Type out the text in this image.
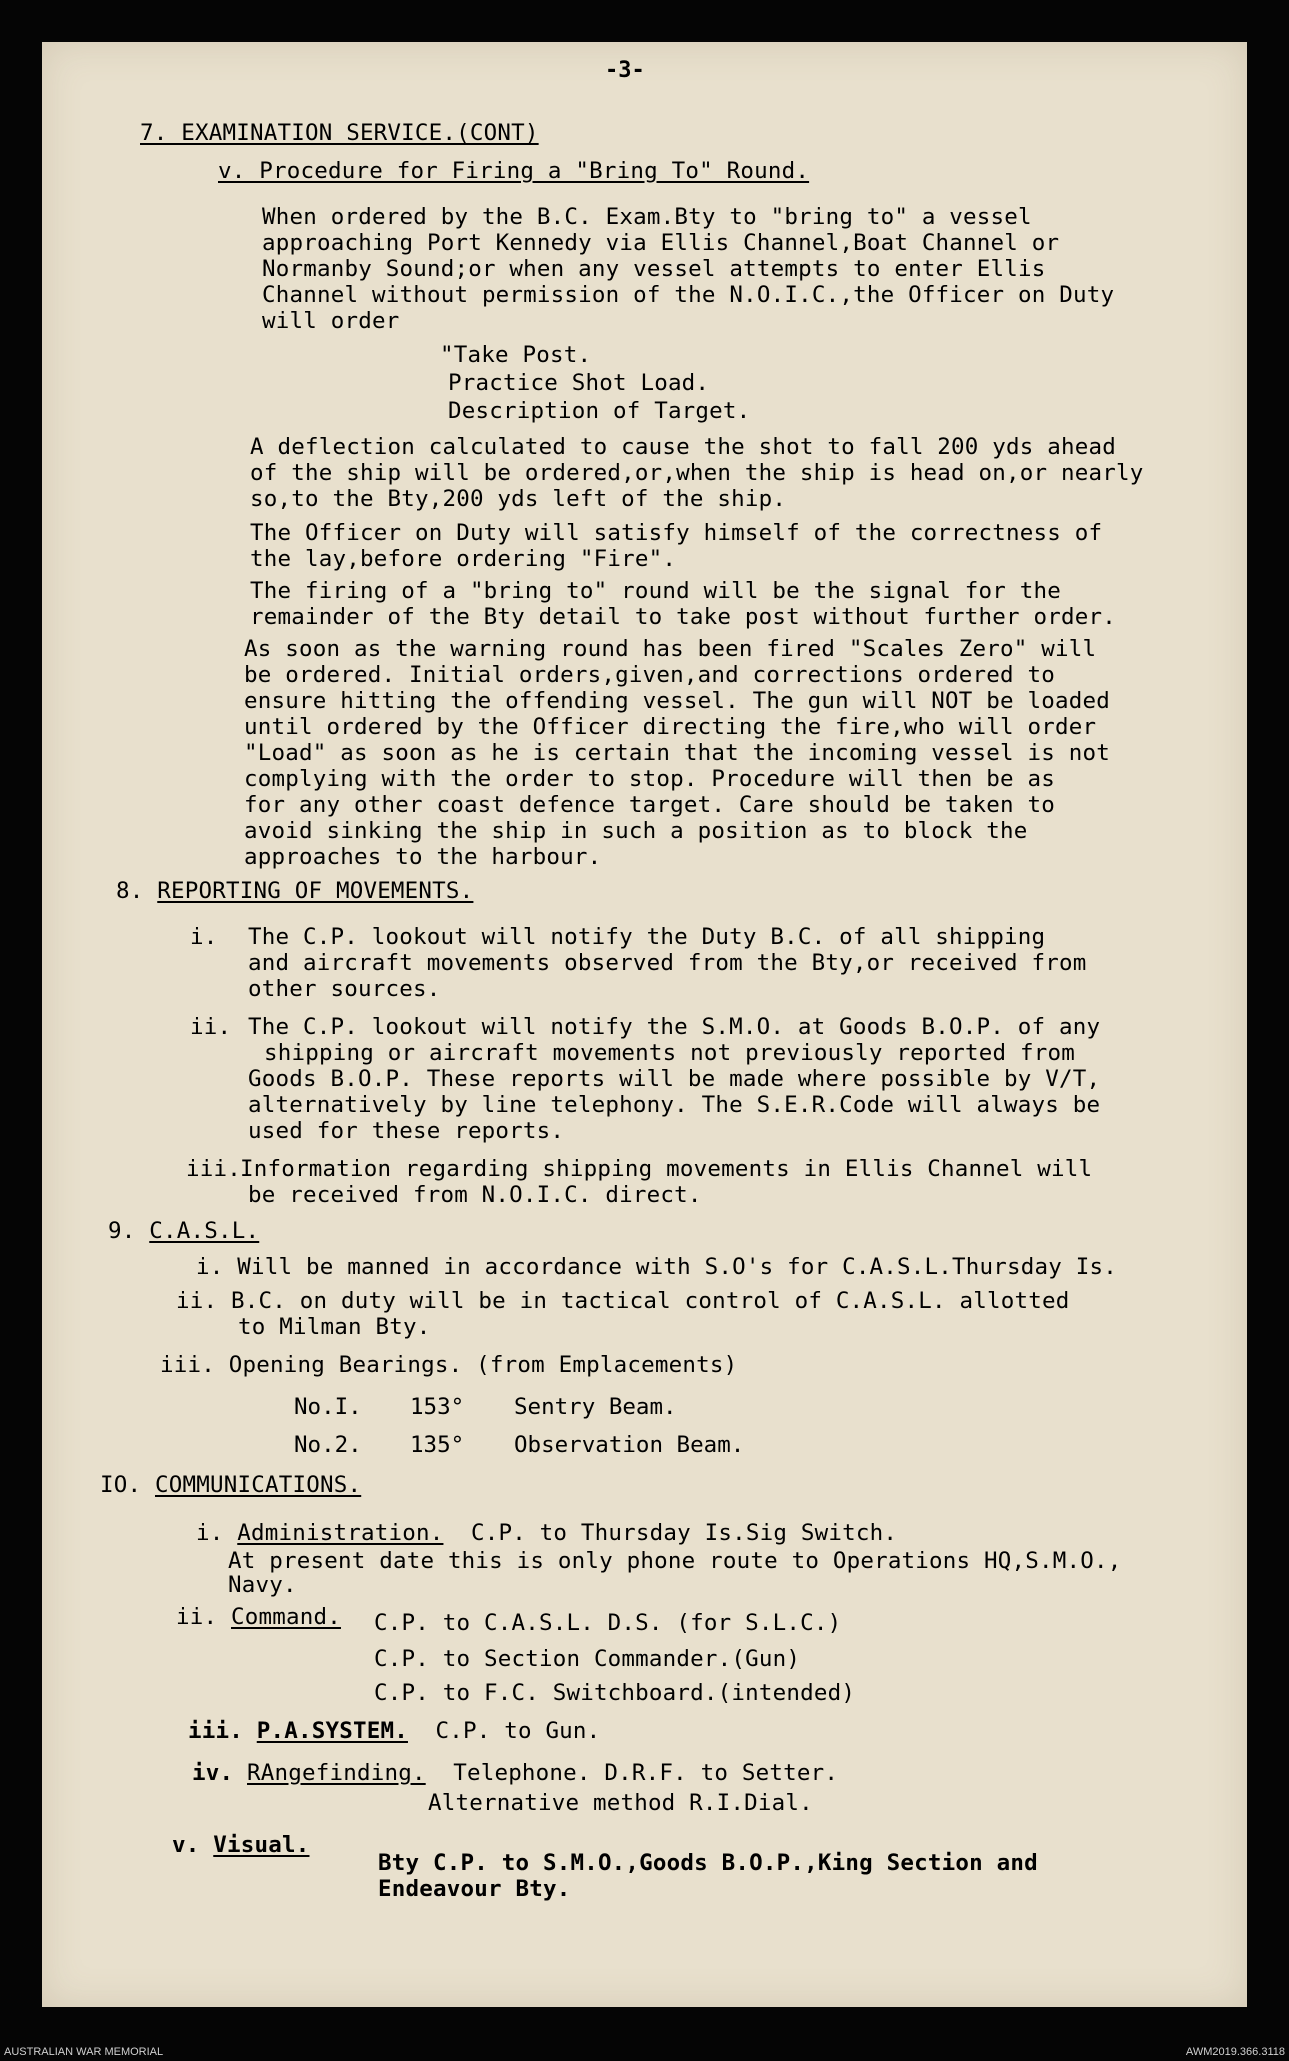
-3-
7. EXAMINATION SERVICE.(CONT)
v. Procedure for Firing a "Bring To" Round.
When ordered by the B.C. Exam.Bty to "bring to" a vessel
approaching Port Kennedy via Ellis Channel,Boat Channel or
Normanby Sound;or when any vessel attempts to enter Ellis
Channel without permission of the N.O.I.C.,the Officer on Duty
will order
"Take Post.
Practice Shot Load.
Description of Target.
A deflection calculated to cause the shot to fall 200 yds ahead
of the ship will be ordered,or,when the ship is head on,or nearly
so,to the Bty,200 yds left of the ship.
The Officer on Duty will satisfy himself of the correctness of
the lay,before ordering "Fire".
The firing of a "bring to" round will be the signal for the
remainder of the Bty detail to take post without further order.
As soon as the warning round has been fired "Scales Zero" will
be ordered. Initial orders,given,and corrections ordered to
ensure hitting the offending vessel. The gun will NOT be loaded
until ordered by the Officer directing the fire,who will order
"Load" as soon as he is certain that the incoming vessel is not
complying with the order to stop. Procedure will then be as
for any other coast defence target. Care should be taken to
avoid sinking the ship in such a position as to block the
approaches to the harbour.
8. REPORTING OF MOVEMENTS.
i. The C.P. lookout will notify the Duty B.C. of all shipping
and aircraft movements observed from the Bty,or received from
other sources.
ii. The C.P. lookout will notify the S.M.O. at Goods B.O.P. of any
shipping or aircraft movements not previously reported from
Goods B.O.P. These reports will be made where possible by V/T,
alternatively by line telephony. The S.E.R.Code will always be
used for these reports.
iii. Information regarding shipping movements in Ellis Channel will
be received from N.O.I.C. direct.
9. C.A.S.L.
i. Will be manned in accordance with S.O's for C.A.S.L.Thursday Is.
ii. B.C. on duty will be in tactical control of C.A.S.L. allotted
to Milman Bty.
iii. Opening Bearings. (from Emplacements)
No.I. 153° Sentry Beam.
No.2. 135° Observation Beam.
IO. COMMUNICATIONS.
i. Administration. C.P. to Thursday Is.Sig Switch.
At present date this is only phone route to Operations HQ,S.M.O.,
Navy.
ii. Command. C.P. to C.A.S.L. D.S. (for S.L.C.)
C.P. to Section Commander.(Gun)
C.P. to F.C. Switchboard.(intended)
iii. P.A.SYSTEM. C.P. to Gun.
iv. RAngefinding. Telephone. D.R.F. to Setter.
Alternative method R.I.Dial.
v. Visual.
Bty C.P. to S.M.O.,Goods B.O.P.,King Section and
Endeavour Bty.
AUSTRALIAN WAR MEMORIAL	AWM2019.366.3118
